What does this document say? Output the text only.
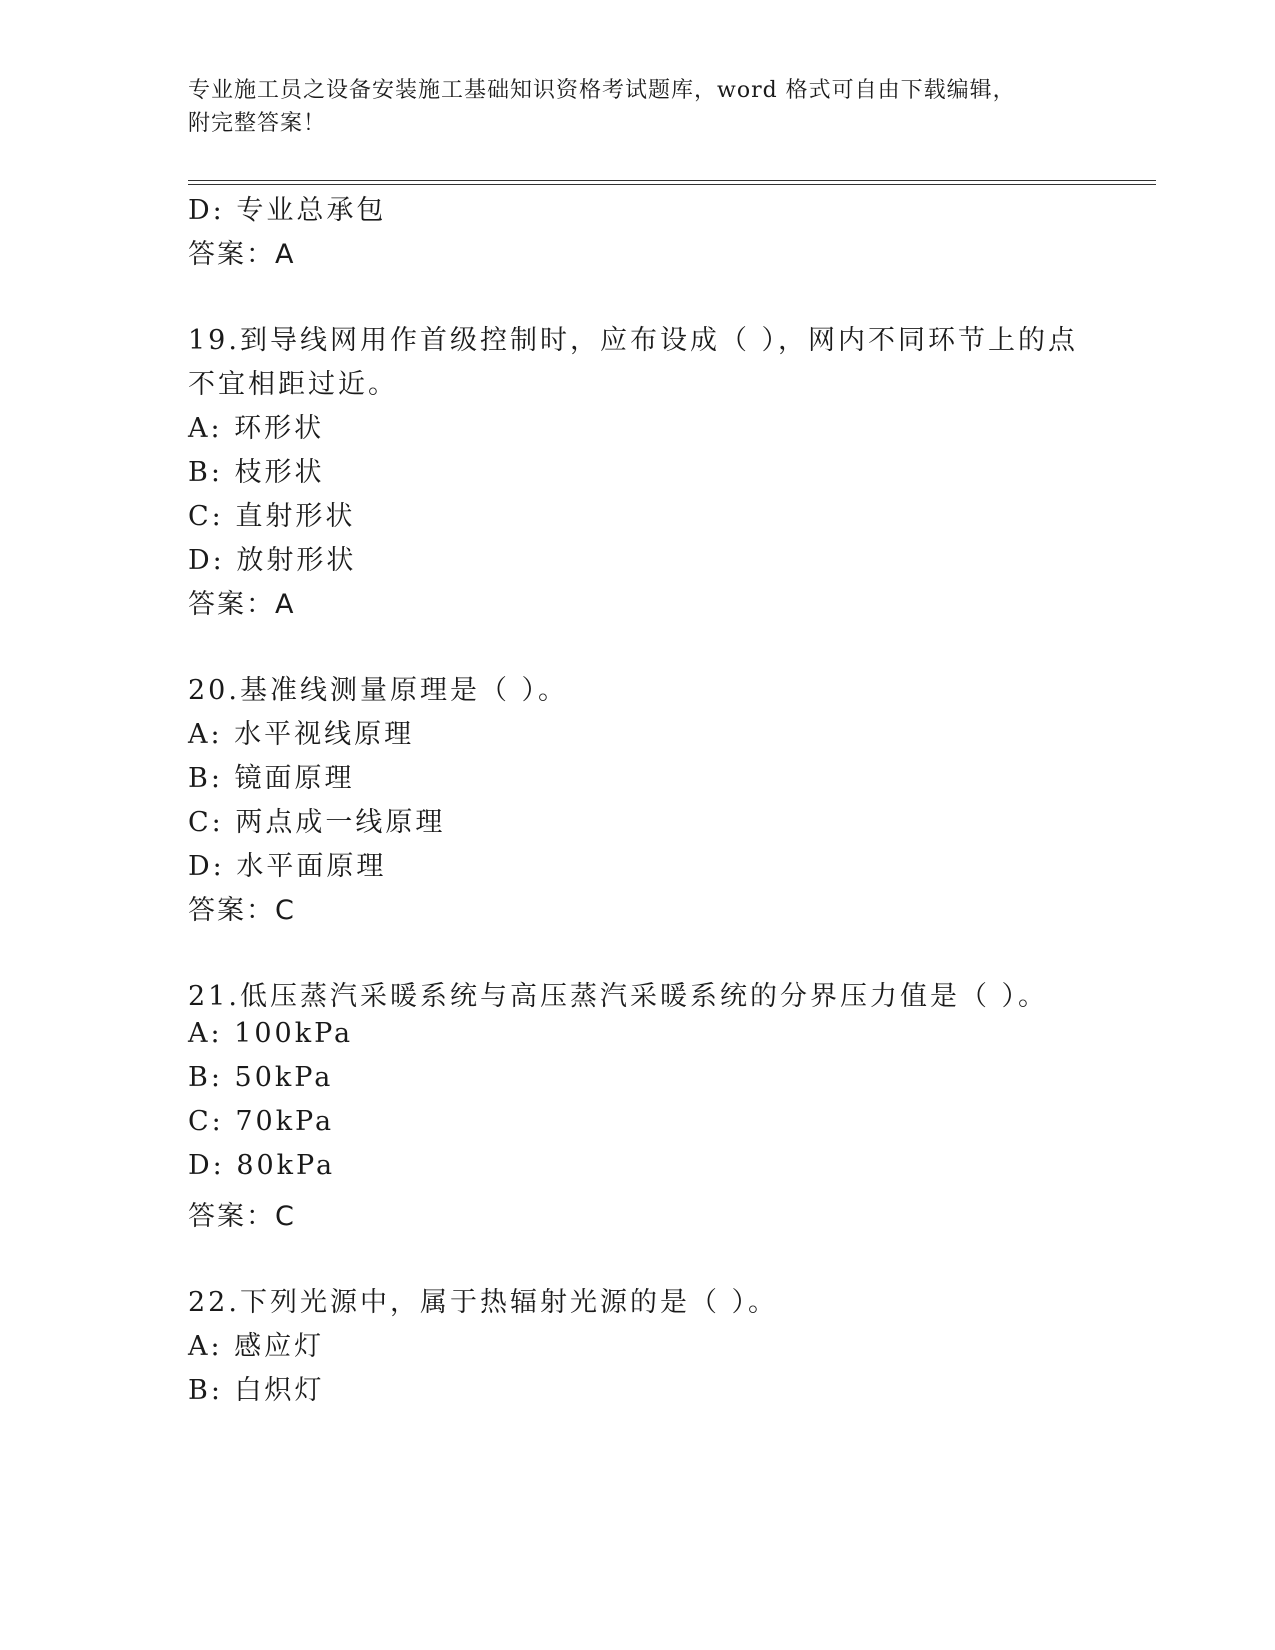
专业施工员之设备安装施工基础知识资格考试题库，word 格式可自由下载编辑，
附完整答案！
D: 专业总承包
答案：A
19.到导线网用作首级控制时，应布设成（ ），网内不同环节上的点
不宜相距过近。
A: 环形状
B: 枝形状
C: 直射形状
D: 放射形状
答案：A
20.基准线测量原理是（ ）。
A: 水平视线原理
B: 镜面原理
C: 两点成一线原理
D: 水平面原理
答案：C
21.低压蒸汽采暖系统与高压蒸汽采暖系统的分界压力值是（ ）。
A: 100kPa
B: 50kPa
C: 70kPa
D: 80kPa
答案：C
22.下列光源中，属于热辐射光源的是（ ）。
A: 感应灯
B: 白炽灯
